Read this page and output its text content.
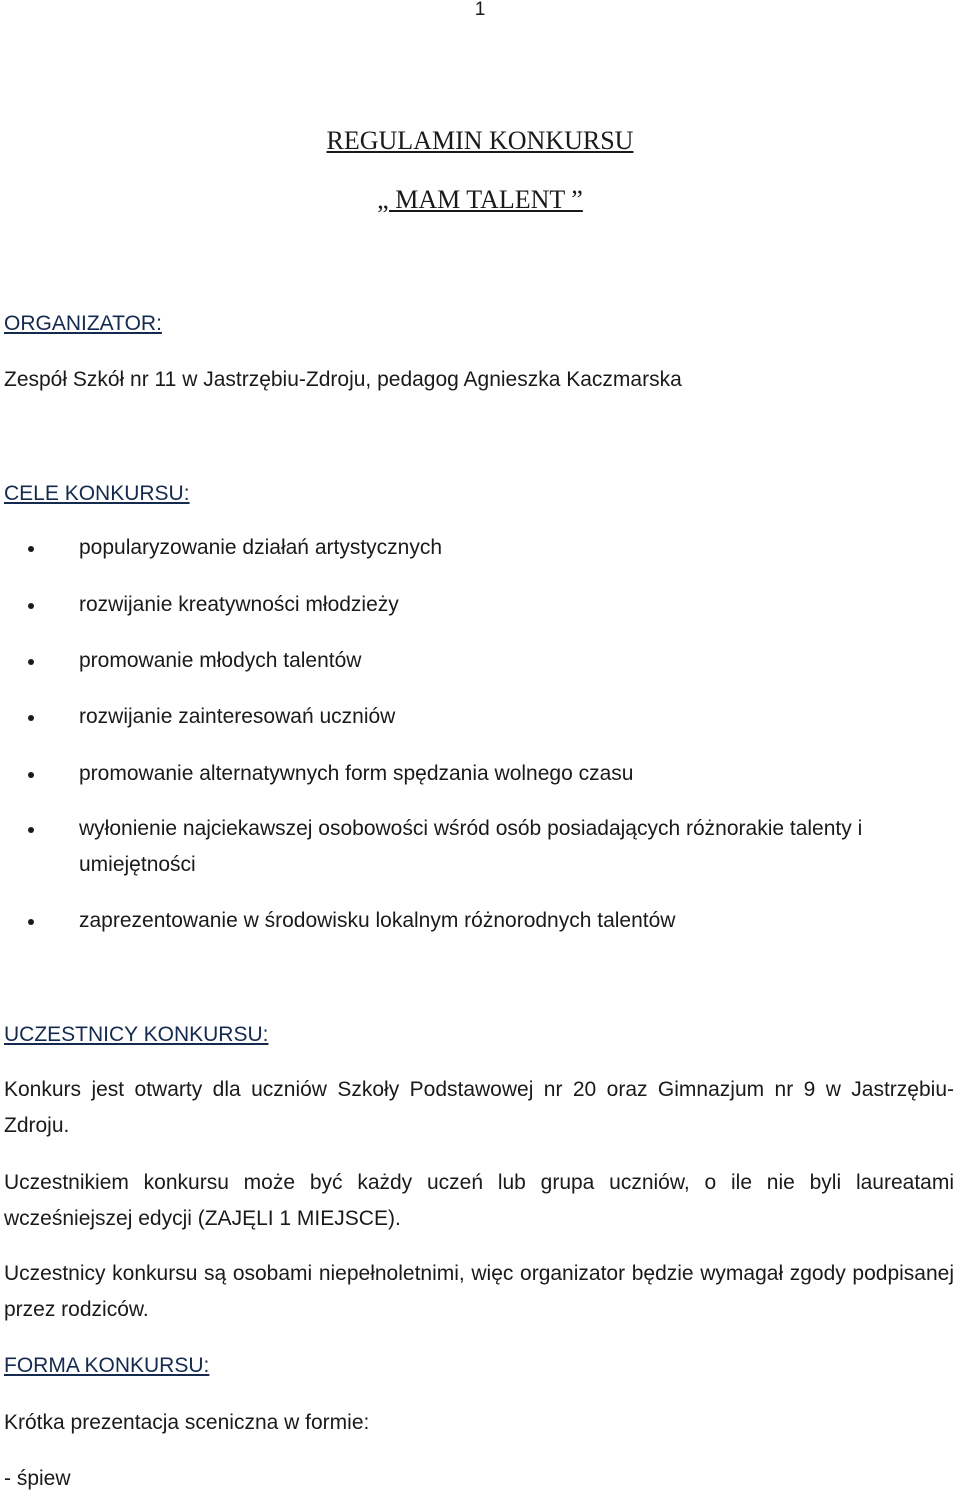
1
REGULAMIN KONKURSU
„ MAM TALENT ”
ORGANIZATOR:
Zespół Szkół nr 11 w Jastrzębiu-Zdroju, pedagog Agnieszka Kaczmarska
CELE KONKURSU:
popularyzowanie działań artystycznych
rozwijanie kreatywności młodzieży
promowanie młodych talentów
rozwijanie zainteresowań uczniów
promowanie alternatywnych form spędzania wolnego czasu
wyłonienie najciekawszej osobowości wśród osób posiadających różnorakie talenty i umiejętności
zaprezentowanie w środowisku lokalnym różnorodnych talentów
UCZESTNICY KONKURSU:
Konkurs jest otwarty dla uczniów Szkoły Podstawowej nr 20 oraz Gimnazjum nr 9 w Jastrzębiu-Zdroju.
Uczestnikiem konkursu może być każdy uczeń lub grupa uczniów, o ile nie byli laureatami wcześniejszej edycji (ZAJĘLI 1 MIEJSCE).
Uczestnicy konkursu są osobami niepełnoletnimi, więc organizator będzie wymagał zgody podpisanej przez rodziców.
FORMA KONKURSU:
Krótka prezentacja sceniczna w formie:
- śpiew
